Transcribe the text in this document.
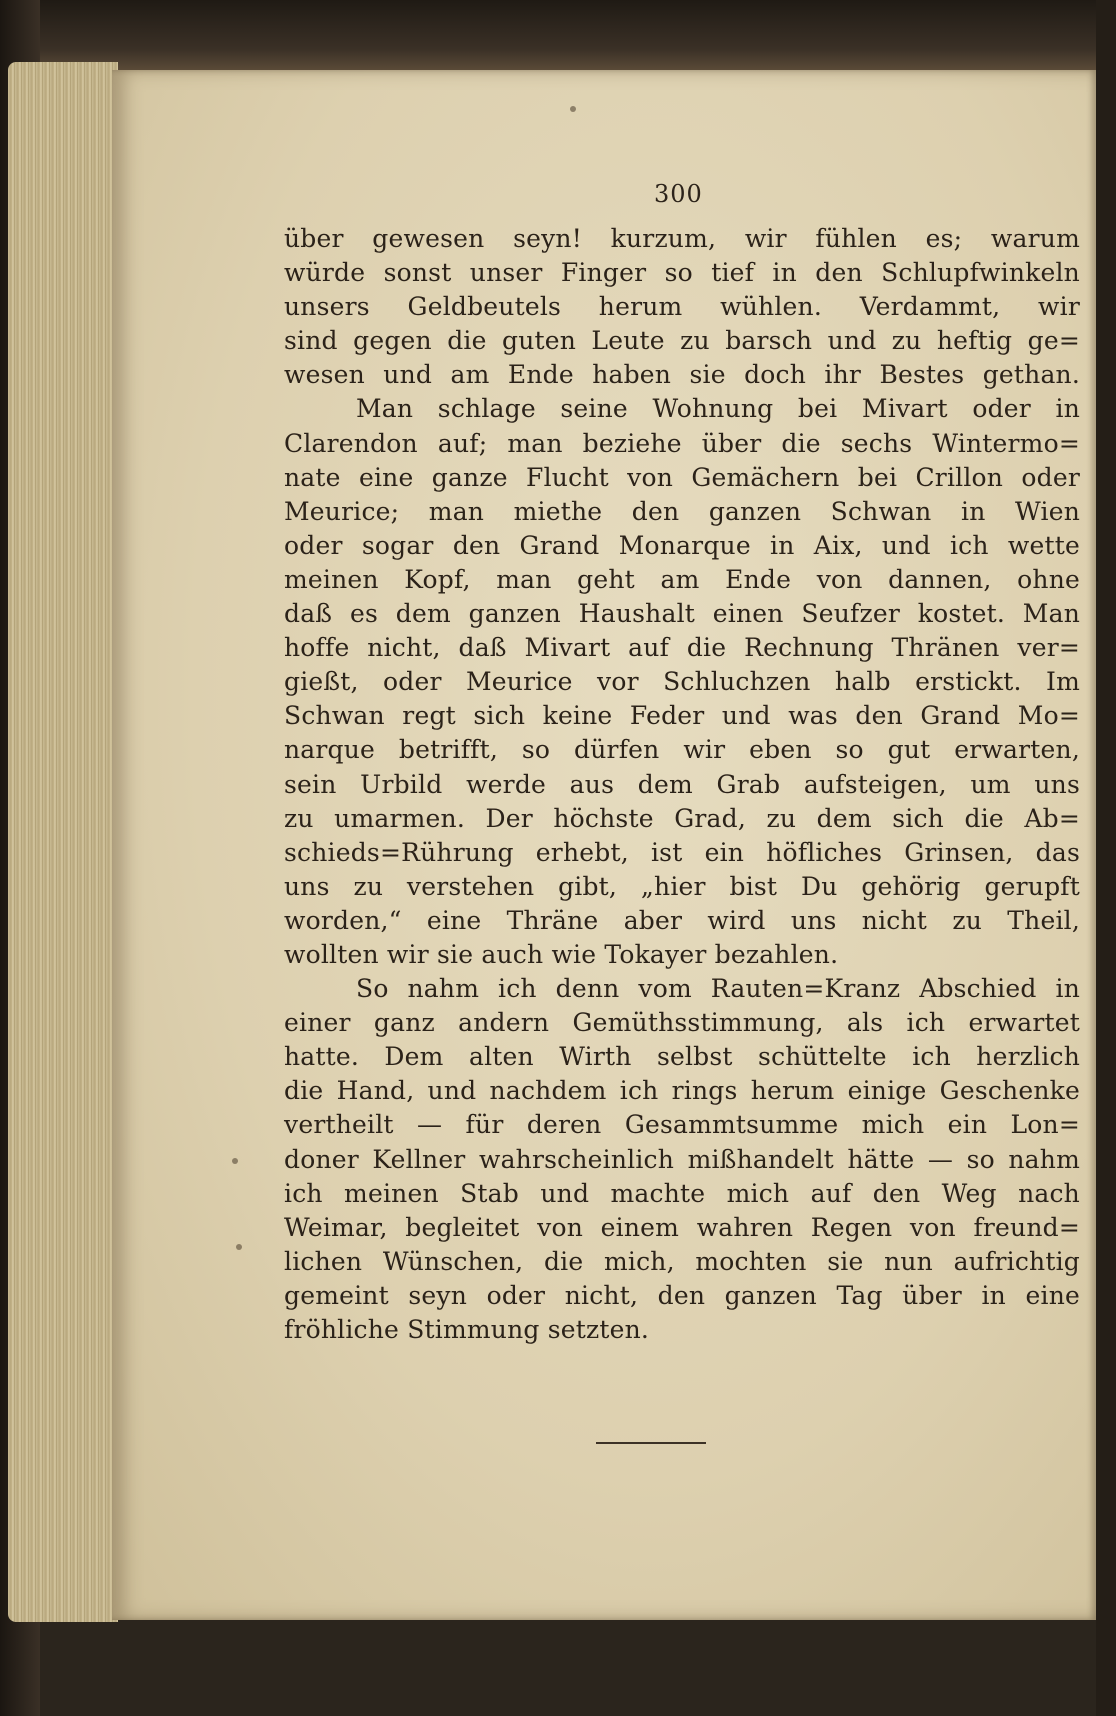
300
über gewesen seyn! kurzum, wir fühlen es; warum
würde sonst unser Finger so tief in den Schlupfwinkeln
unsers Geldbeutels herum wühlen. Verdammt, wir
sind gegen die guten Leute zu barsch und zu heftig ge=
wesen und am Ende haben sie doch ihr Bestes gethan.
Man schlage seine Wohnung bei Mivart oder in
Clarendon auf; man beziehe über die sechs Wintermo=
nate eine ganze Flucht von Gemächern bei Crillon oder
Meurice; man miethe den ganzen Schwan in Wien
oder sogar den Grand Monarque in Aix, und ich wette
meinen Kopf, man geht am Ende von dannen, ohne
daß es dem ganzen Haushalt einen Seufzer kostet. Man
hoffe nicht, daß Mivart auf die Rechnung Thränen ver=
gießt, oder Meurice vor Schluchzen halb erstickt. Im
Schwan regt sich keine Feder und was den Grand Mo=
narque betrifft, so dürfen wir eben so gut erwarten,
sein Urbild werde aus dem Grab aufsteigen, um uns
zu umarmen. Der höchste Grad, zu dem sich die Ab=
schieds=Rührung erhebt, ist ein höfliches Grinsen, das
uns zu verstehen gibt, „hier bist Du gehörig gerupft
worden,“ eine Thräne aber wird uns nicht zu Theil,
wollten wir sie auch wie Tokayer bezahlen.
So nahm ich denn vom Rauten=Kranz Abschied in
einer ganz andern Gemüthsstimmung, als ich erwartet
hatte. Dem alten Wirth selbst schüttelte ich herzlich
die Hand, und nachdem ich rings herum einige Geschenke
vertheilt — für deren Gesammtsumme mich ein Lon=
doner Kellner wahrscheinlich mißhandelt hätte — so nahm
ich meinen Stab und machte mich auf den Weg nach
Weimar, begleitet von einem wahren Regen von freund=
lichen Wünschen, die mich, mochten sie nun aufrichtig
gemeint seyn oder nicht, den ganzen Tag über in eine
fröhliche Stimmung setzten.
